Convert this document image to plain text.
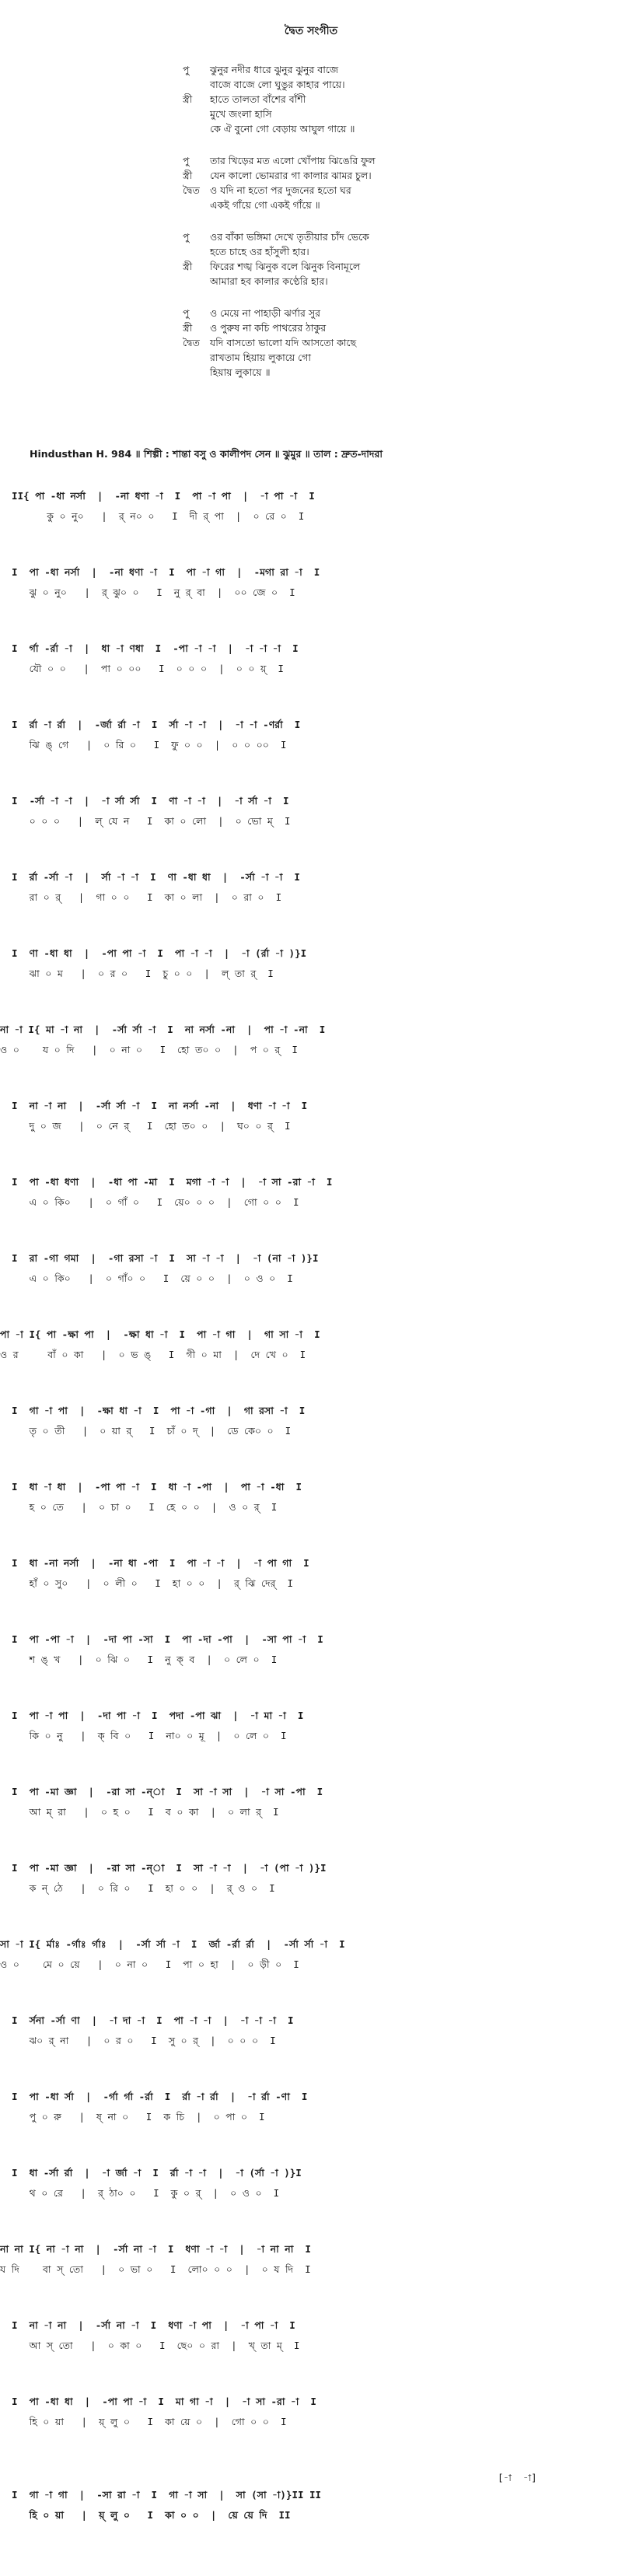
দ্বৈত সংগীত
পু	ঝুনুর নদীর ধারে ঝুনুর ঝুনুর বাজে
বাজে বাজে লো ঘুঙুর কাহার পায়ে।
স্ত্রী	হাতে তালতা বাঁশের বাঁশী
মুখে জংলা হাসি
কে ঐ বুনো গো বেড়ায় আঘুল গায়ে ॥
পু	তার খিড়ের মত এলো খোঁপায় ঝিঙেরি ফুল
স্ত্রী	যেন কালো ভোমরার গা কালার ঝামর চুল।
দ্বৈত	ও যদি না হতো পর দুজনের হতো ঘর
একই গাঁয়ে গো একই গাঁয়ে ॥
পু	ওর বাঁকা ভঙ্গিমা দেখে তৃতীয়ার চাঁদ ভেকে
হতে চাহে ওর হাঁসুলী হার।
স্ত্রী	ফিরের শঙ্খ ঝিনুক বলে ঝিনুক বিনামূলে
আমারা হব কালার কণ্ঠেরি হার।
পু	ও মেয়ে না পাহাড়ী ঝর্ণার সুর
স্ত্রী	ও পুরুষ না কচি পাথরের ঠাকুর
দ্বৈত	যদি বাসতো ভালো যদি আসতো কাছে
রাখতাম হিয়ায় লুকায়ে গো
হিয়ায় লুকায়ে ॥
Hindusthan H. 984 ॥ শিল্পী : শান্তা বসু ও কালীপদ সেন ॥ ঝুমুর ॥ তাল : দ্রুত-দাদরা
II{ পা -ধা নর্সা  |  -না ধণা -া  I  পা -া পা  |  -া পা -া  I
কু ০ নু০   |  র্ ন০ ০   I  দী র্ পা  |  ০ রে ০  I
I  পা -ধা নর্সা  |  -না ধণা -া  I  পা -া গা  |  -মগা রা -া  I
ঝু ০ নু০   |  র্ ঝু০ ০   I  নু র্ বা  |  ০০ জে ০  I
I  র্গা -র্রা -া  |  ধা -া ণধা  I  -পা -া -া  |  -া -া -া  I
যৌ ০ ০   |  পা ০ ০০   I  ০ ০ ০  |  ০ ০ য়্  I
I  র্রা -া র্রা  |  -র্জা র্রা -া  I  র্সা -া -া  |  -া -া -ণর্রা  I
ঝি ঙ্ গে   |  ০ রি ০   I  ফু ০ ০  |  ০ ০ ০০  I
I  -র্সা -া -া  |  -া র্সা র্সা  I  ণা -া -া  |  -া র্সা -া  I
০ ০ ০   |  ল্ যে ন   I  কা ০ লো  |  ০ ভো ম্  I
I  র্রা -র্সা -া  |  র্সা -া -া  I  ণা -ধা ধা  |  -র্সা -া -া  I
রা ০ র্   |  গা ০ ০   I  কা ০ লা  |  ০ রা ০  I
I  ণা -ধা ধা  |  -পা পা -া  I  পা -া -া  |  -া (র্রা -া )}I
ঝা ০ ম   |  ০ র ০   I  চু ০ ০  |  ল্ তা র্  I
না -া I{ মা -া না  |  -র্সা র্সা -া  I  না নর্সা -না  |  পা -া -না  I
ও ০    য ০ দি   |  ০ না ০   I  হো ত০ ০  |  প ০ র্  I
I  না -া না  |  -র্সা র্সা -া  I  না নর্সা -না  |  ধণা -া -া  I
দু ০ জ   |  ০ নে র্   I  হো ত০ ০  |  ঘ০ ০ র্  I
I  পা -ধা ধণা  |  -ধা পা -মা  I  মগা -া -া  |  -া সা -রা -া  I
এ ০ কি০   |  ০ গাঁ ০   I  য়ে০ ০ ০  |  গো ০ ০  I
I  রা -গা গমা  |  -গা রসা -া  I  সা -া -া  |  -া (না -া )}I
এ ০ কি০   |  ০ গাঁ০ ০   I  য়ে ০ ০  |  ০ ও ০  I
পা -া I{ পা -ক্ষা পা  |  -ক্ষা ধা -া  I  পা -া গা  |  গা সা -া  I
ও র     বাঁ ০ কা   |  ০ ভ ঙ্   I  গী ০ মা  |  দে খে ০  I
I  গা -া পা  |  -ক্ষা ধা -া  I  পা -া -গা  |  গা রসা -া  I
তৃ ০ তী   |  ০ য়া র্   I  চাঁ ০ দ্  |  ডে কে০ ০  I
I  ধা -া ধা  |  -পা পা -া  I  ধা -া -পা  |  পা -া -ধা  I
হ ০ তে   |  ০ চা ০   I  হে ০ ০  |  ও ০ র্  I
I  ধা -না নর্সা  |  -না ধা -পা  I  পা -া -া  |  -া পা গা  I
হাঁ ০ সু০   |  ০ লী ০   I  হা ০ ০  |  র্ ঝি দের্  I
I  পা -পা -া  |  -দা পা -সা  I  পা -দা -পা  |  -সা পা -া  I
শ ঙ্ খ   |  ০ ঝি ০   I  নু ক্ ব  |  ০ লে ০  I
I  পা -া পা  |  -দা পা -া  I  পদা -পা ঝা  |  -া মা -া  I
কি ০ নু   |  ক্ বি ০   I  না০ ০ মূ  |  ০ লে ০  I
I  পা -মা জ্ঞা  |  -রা সা -ন্‌া  I  সা -া সা  |  -া সা -পা  I
আ ম্ রা   |  ০ হ ০   I  ব ০ কা  |  ০ লা র্  I
I  পা -মা জ্ঞা  |  -রা সা -ন্‌া  I  সা -া -া  |  -া (পা -া )}I
ক ন্ ঠে   |  ০ রি ০   I  হা ০ ০  |  র্ ও ০  I
সা -া I{ র্মাঃ -র্গাঃ র্গাঃ  |  -র্সা র্সা -া  I  র্জা -র্রা র্রা  |  -র্সা র্সা -া  I
ও ০    মে ০ য়ে   |  ০ না ০   I  পা ০ হা  |  ০ ড়ী ০  I
I  র্সনা -র্সা ণা  |  -া দা -া  I  পা -া -া  |  -া -া -া  I
ঝ০ র্ না   |  ০ র ০   I  সু ০ র্  |  ০ ০ ০  I
I  পা -ধা র্সা  |  -র্গা র্গা -র্রা  I  র্রা -া র্রা  |  -া র্রা -ণা  I
পু ০ রু   |  ষ্ না ০   I  ক চি  |  ০ পা ০  I
I  ধা -র্সা র্রা  |  -া র্জা -া  I  র্রা -া -া  |  -া (র্সা -া )}I
থ ০ রে   |  র্ ঠা০ ০   I  কু ০ র্  |  ০ ও ০  I
না না I{ না -া না  |  -র্সা না -া  I  ধণা -া -া  |  -া না না  I
য দি    বা স্ তো   |  ০ ভা ০   I  লো০ ০ ০  |  ০ য দি  I
I  না -া না  |  -র্সা না -া  I  ধণা -া পা  |  -া পা -া  I
আ স্ তো   |  ০ কা ০   I  ছে০ ০ রা  |  খ্ তা ম্  I
I  পা -ধা ধা  |  -পা পা -া  I  মা গা -া  |  -া সা -রা -া  I
হি ০ য়া   |  য়্ লু ০   I  কা য়ে ০  |  গো ০ ০  I
[-া  -া]
I  গা -া গা  |  -সা রা -া  I  গা -া সা  |  সা (সা -া)}II II
হি ০ য়া   |  য়্ লু ০   I  কা ০ ০  |  য়ে য়ে দি  II
